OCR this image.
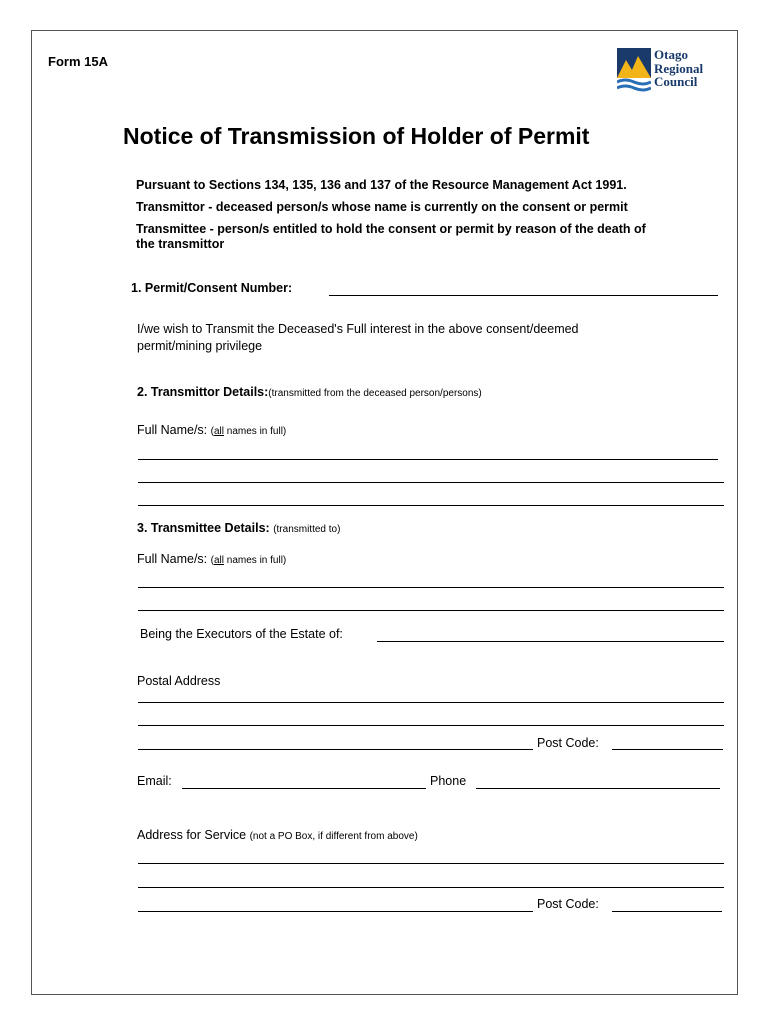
Form 15A	Otago
Regional
Council
Notice of Transmission of Holder of Permit
Pursuant to Sections 134, 135, 136 and 137 of the Resource Management Act 1991.
Transmittor - deceased person/s whose name is currently on the consent or permit
Transmittee - person/s entitled to hold the consent or permit by reason of the death of
the transmittor
1. Permit/Consent Number:
I/we wish to Transmit the Deceased's Full interest in the above consent/deemed
permit/mining privilege
2. Transmittor Details:(transmitted from the deceased person/persons)
Full Name/s: (all names in full)
3. Transmittee Details: (transmitted to)
Full Name/s: (all names in full)
Being the Executors of the Estate of:
Postal Address
Post Code:
Email:	Phone
Address for Service (not a PO Box, if different from above)
Post Code:
